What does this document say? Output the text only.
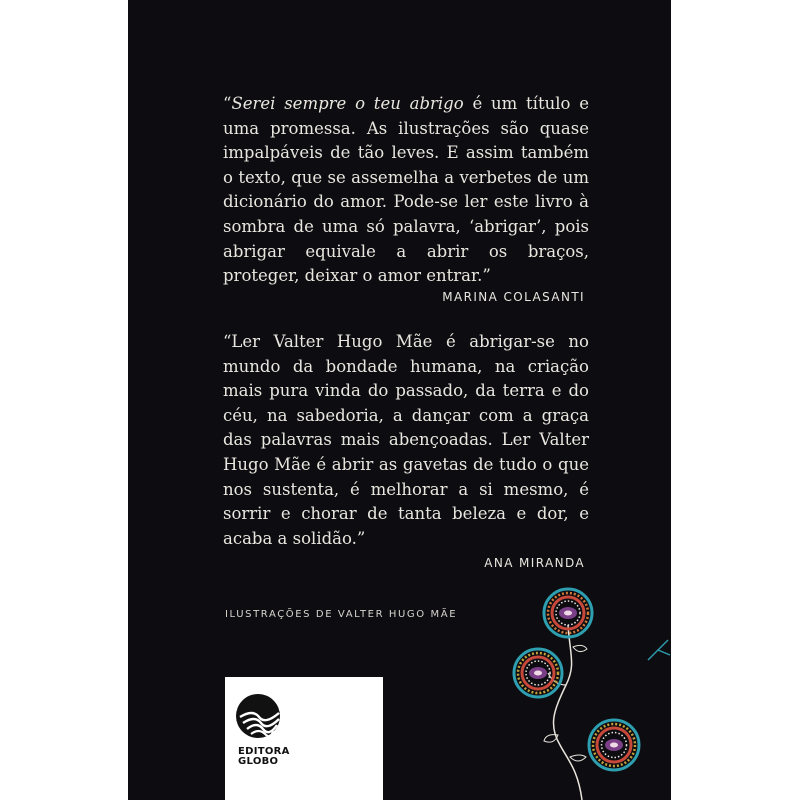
“Serei sempre o teu abrigo é um título e uma promessa. As ilustrações são quase impalpáveis de tão leves. E assim também o texto, que se assemelha a verbetes de um dicionário do amor. Pode-se ler este livro à sombra de uma só palavra, ‘abrigar’, pois abrigar equivale a abrir os braços, proteger, deixar o amor entrar.”

MARINA COLASANTI

“Ler Valter Hugo Mãe é abrigar-se no mundo da bondade humana, na criação mais pura vinda do passado, da terra e do céu, na sabedoria, a dançar com a graça das palavras mais abençoadas. Ler Valter Hugo Mãe é abrir as gavetas de tudo o que nos sustenta, é melhorar a si mesmo, é sorrir e chorar de tanta beleza e dor, e acaba a solidão.”

ANA MIRANDA
ILUSTRAÇÕES DE VALTER HUGO MÃE
EDITORA
GLOBO
